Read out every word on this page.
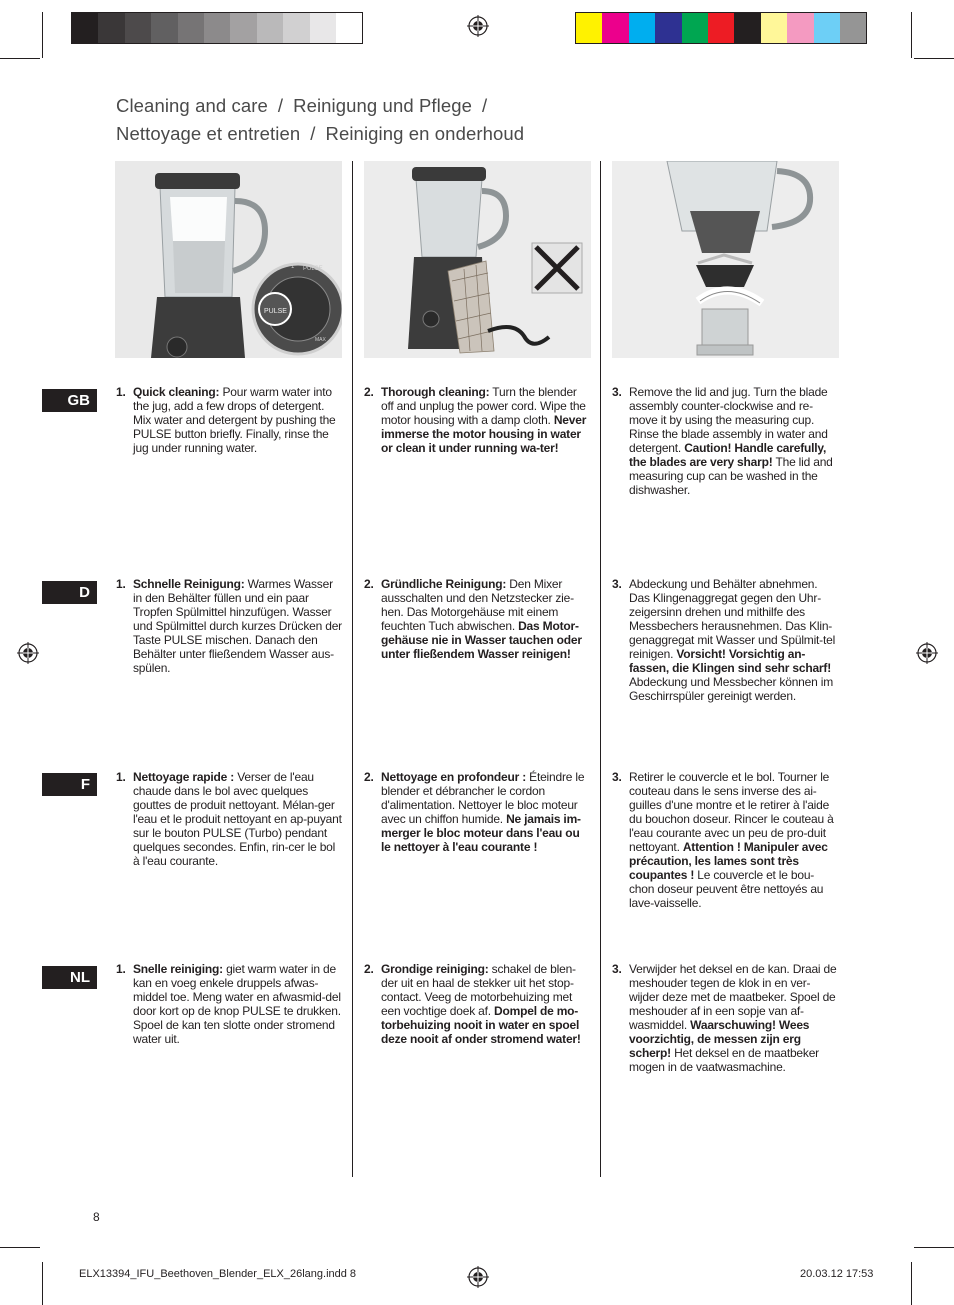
Cleaning and care / Reinigung und Pflege /
Nettoyage et entretien / Reiniging en onderhoud
PULSE
PULSE
1
MAX
GB
D
F
NL
1. Quick cleaning: Pour warm water into the jug, add a few drops of detergent. Mix water and detergent by pushing the PULSE button briefly. Finally, rinse the jug under running water.
2. Thorough cleaning: Turn the blender off and unplug the power cord. Wipe the motor housing with a damp cloth. Never immerse the motor housing in water or clean it under running wa-ter!
3. Remove the lid and jug. Turn the blade assembly counter-clockwise and re-move it by using the measuring cup. Rinse the blade assembly in water and detergent. Caution! Handle carefully, the blades are very sharp! The lid and measuring cup can be washed in the dishwasher.
1. Schnelle Reinigung: Warmes Wasser in den Behälter füllen und ein paar Tropfen Spülmittel hinzufügen. Wasser und Spülmittel durch kurzes Drücken der Taste PULSE mischen. Danach den Behälter unter fließendem Wasser aus-spülen.
2. Gründliche Reinigung: Den Mixer ausschalten und den Netzstecker zie-hen. Das Motorgehäuse mit einem feuchten Tuch abwischen. Das Motor-gehäuse nie in Wasser tauchen oder unter fließendem Wasser reinigen!
3. Abdeckung und Behälter abnehmen. Das Klingenaggregat gegen den Uhr-zeigersinn drehen und mithilfe des Messbechers herausnehmen. Das Klin-genaggregat mit Wasser und Spülmit-tel reinigen. Vorsicht! Vorsichtig an-fassen, die Klingen sind sehr scharf! Abdeckung und Messbecher können im Geschirrspüler gereinigt werden.
1. Nettoyage rapide : Verser de l'eau chaude dans le bol avec quelques gouttes de produit nettoyant. Mélan-ger l'eau et le produit nettoyant en ap-puyant sur le bouton PULSE (Turbo) pendant quelques secondes. Enfin, rin-cer le bol à l'eau courante.
2. Nettoyage en profondeur : Éteindre le blender et débrancher le cordon d'alimentation. Nettoyer le bloc moteur avec un chiffon humide. Ne jamais im-merger le bloc moteur dans l'eau ou le nettoyer à l'eau courante !
3. Retirer le couvercle et le bol. Tourner le couteau dans le sens inverse des ai-guilles d'une montre et le retirer à l'aide du bouchon doseur. Rincer le couteau à l'eau courante avec un peu de pro-duit nettoyant. Attention ! Manipuler avec précaution, les lames sont très coupantes ! Le couvercle et le bou-chon doseur peuvent être nettoyés au lave-vaisselle.
1. Snelle reiniging: giet warm water in de kan en voeg enkele druppels afwas-middel toe. Meng water en afwasmid-del door kort op de knop PULSE te drukken. Spoel de kan ten slotte onder stromend water uit.
2. Grondige reiniging: schakel de blen-der uit en haal de stekker uit het stop-contact. Veeg de motorbehuizing met een vochtige doek af. Dompel de mo-torbehuizing nooit in water en spoel deze nooit af onder stromend water!
3. Verwijder het deksel en de kan. Draai de meshouder tegen de klok in en ver-wijder deze met de maatbeker. Spoel de meshouder af in een sopje van af-wasmiddel. Waarschuwing! Wees voorzichtig, de messen zijn erg scherp! Het deksel en de maatbeker mogen in de vaatwasmachine.
8
ELX13394_IFU_Beethoven_Blender_ELX_26lang.indd 8	20.03.12 17:53
